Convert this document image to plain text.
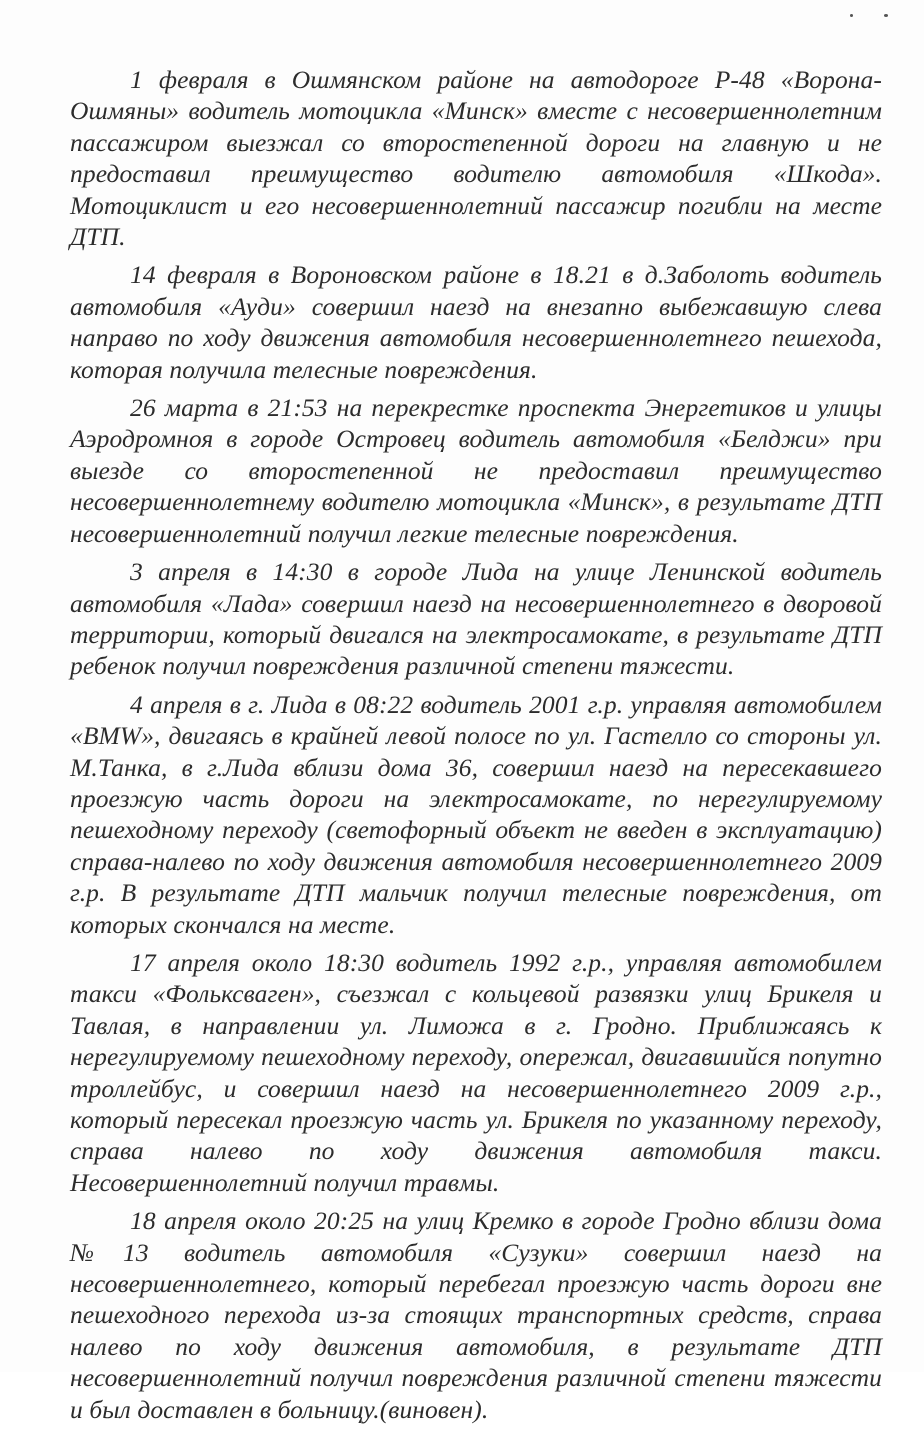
1 февраля в Ошмянском районе на автодороге Р-48 «Ворона-Ошмяны» водитель мотоцикла «Минск» вместе с несовершеннолетним пассажиром выезжал со второстепенной дороги на главную и не предоставил преимущество водителю автомобиля «Шкода». Мотоциклист и его несовершеннолетний пассажир погибли на месте ДТП.

14 февраля в Вороновском районе в 18.21 в д.Заболоть водитель автомобиля «Ауди» совершил наезд на внезапно выбежавшую слева направо по ходу движения автомобиля несовершеннолетнего пешехода, которая получила телесные повреждения.

26 марта в 21:53 на перекрестке проспекта Энергетиков и улицы Аэродромноя в городе Островец водитель автомобиля «Белджи» при выезде со второстепенной не предоставил преимущество несовершеннолетнему водителю мотоцикла «Минск», в результате ДТП несовершеннолетний получил легкие телесные повреждения.

3 апреля в 14:30 в городе Лида на улице Ленинской водитель автомобиля «Лада» совершил наезд на несовершеннолетнего в дворовой территории, который двигался на электросамокате, в результате ДТП ребенок получил повреждения различной степени тяжести.

4 апреля в г. Лида в 08:22 водитель 2001 г.р. управляя автомобилем «BMW», двигаясь в крайней левой полосе по ул. Гастелло со стороны ул. М.Танка, в г.Лида вблизи дома 36, совершил наезд на пересекавшего проезжую часть дороги на электросамокате, по нерегулируемому пешеходному переходу (светофорный объект не введен в эксплуатацию) справа-налево по ходу движения автомобиля несовершеннолетнего 2009 г.р. В результате ДТП мальчик получил телесные повреждения, от которых скончался на месте.

17 апреля около 18:30 водитель 1992 г.р., управляя автомобилем такси «Фольксваген», съезжал с кольцевой развязки улиц Брикеля и Тавлая, в направлении ул. Лиможа в г. Гродно. Приближаясь к нерегулируемому пешеходному переходу, опережал, двигавшийся попутно троллейбус, и совершил наезд на несовершеннолетнего 2009 г.р., который пересекал проезжую часть ул. Брикеля по указанному переходу, справа налево по ходу движения автомобиля такси. Несовершеннолетний получил травмы.

18 апреля около 20:25 на улиц Кремко в городе Гродно вблизи дома №13 водитель автомобиля «Сузуки» совершил наезд на несовершеннолетнего, который перебегал проезжую часть дороги вне пешеходного перехода из-за стоящих транспортных средств, справа налево по ходу движения автомобиля, в результате ДТП несовершеннолетний получил повреждения различной степени тяжести и был доставлен в больницу.(виновен).
